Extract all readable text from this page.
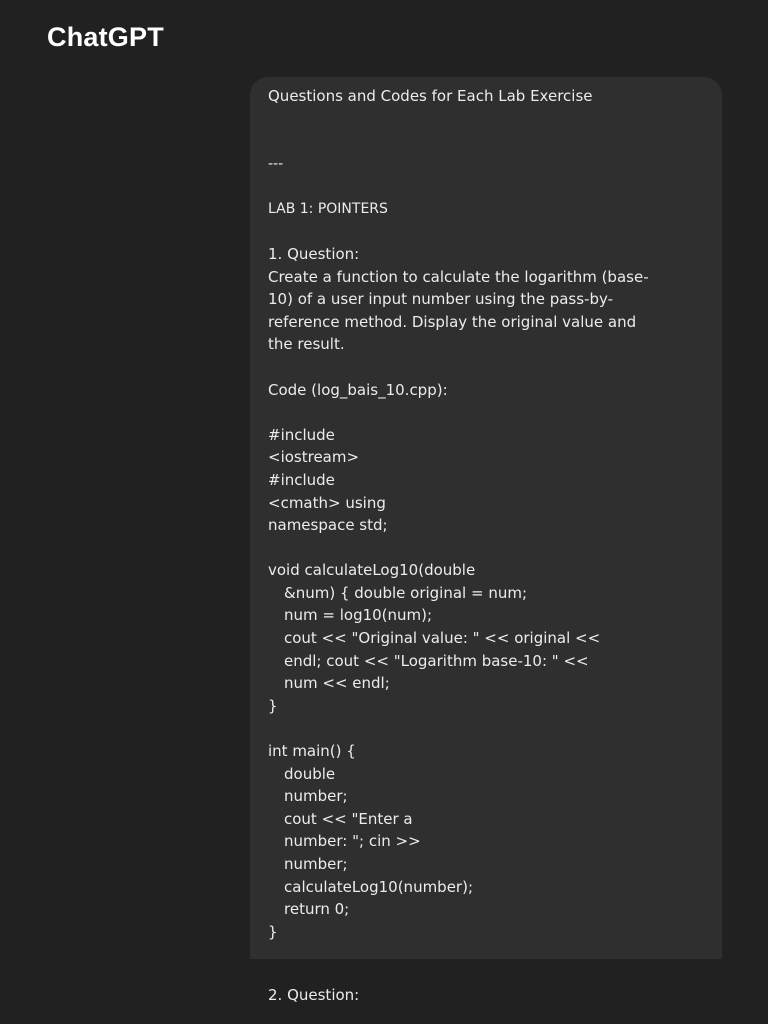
ChatGPT
Questions and Codes for Each Lab Exercise
---
LAB 1: POINTERS
1. Question:
Create a function to calculate the logarithm (base-
10) of a user input number using the pass-by-
reference method. Display the original value and
the result.
Code (log_bais_10.cpp):
#include
<iostream>
#include
<cmath> using
namespace std;
void calculateLog10(double
&num) { double original = num;
num = log10(num);
cout << "Original value: " << original <<
endl; cout << "Logarithm base-10: " <<
num << endl;
}
int main() {
double
number;
cout << "Enter a
number: "; cin >>
number;
calculateLog10(number);
return 0;
}
2. Question:
